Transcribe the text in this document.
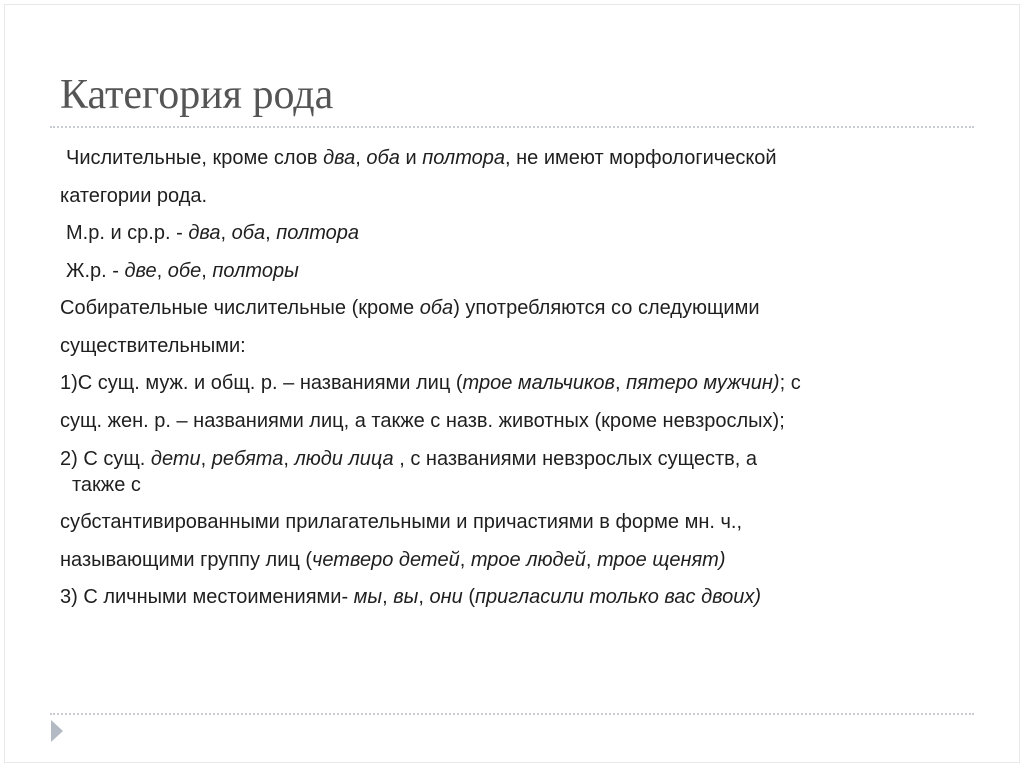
Категория рода
Числительные, кроме слов два, оба и полтора, не имеют морфологической
категории рода.
М.р. и ср.р. - два, оба, полтора
Ж.р. - две, обе, полторы
Собирательные числительные (кроме оба) употребляются со следующими
существительными:
1)С сущ. муж. и общ. р. – названиями лиц (трое мальчиков, пятеро мужчин); с
сущ. жен. р. – названиями лиц, а также с назв. животных (кроме невзрослых);
2) С сущ. дети, ребята, люди лица , с названиями невзрослых существ, а
также с
субстантивированными прилагательными и причастиями в форме мн. ч.,
называющими группу лиц (четверо детей, трое людей, трое щенят)
3) С личными местоимениями- мы, вы, они (пригласили только вас двоих)
